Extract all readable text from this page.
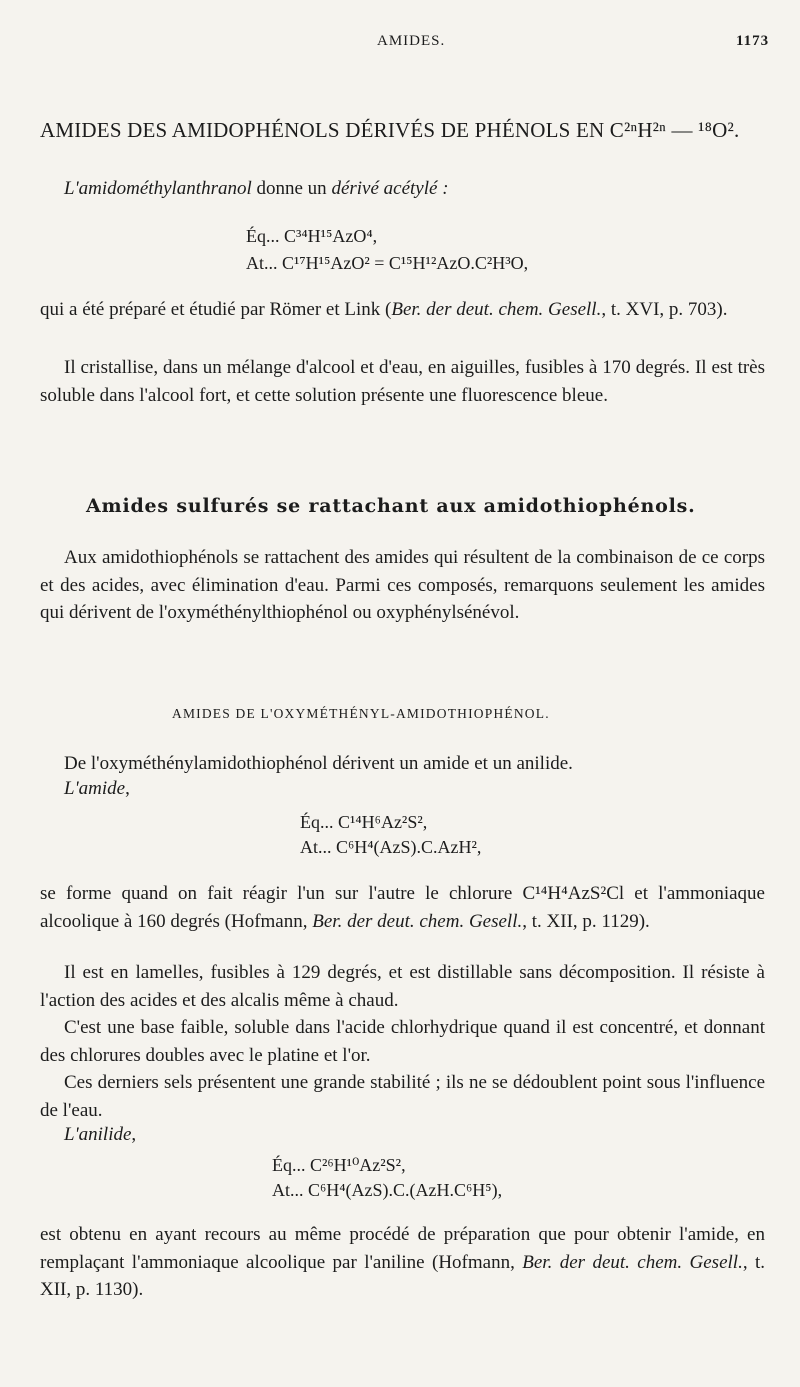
AMIDES.	1173
AMIDES DES AMIDOPHÉNOLS DÉRIVÉS DE PHÉNOLS EN C²ⁿH²ⁿ — ¹⁸O².
L'amidométhylanthranol donne un dérivé acétylé :
Éq... C³⁴H¹⁵AzO⁴,
At... C¹⁷H¹⁵AzO² = C¹⁵H¹²AzO.C²H³O,

qui a été préparé et étudié par Römer et Link (Ber. der deut. chem. Gesell., t. XVI, p. 703).

Il cristallise, dans un mélange d'alcool et d'eau, en aiguilles, fusibles à 170 degrés. Il est très soluble dans l'alcool fort, et cette solution présente une fluorescence bleue.

Amides sulfurés se rattachant aux amidothiophénols.

Aux amidothiophénols se rattachent des amides qui résultent de la combinaison de ce corps et des acides, avec élimination d'eau. Parmi ces composés, remarquons seulement les amides qui dérivent de l'oxyméthénylthiophénol ou oxyphénylsénévol.

AMIDES DE L'OXYMÉTHÉNYL-AMIDOTHIOPHÉNOL.

De l'oxyméthénylamidothiophénol dérivent un amide et un anilide.

L'amide,
Éq... C¹⁴H⁶Az²S²,
At... C⁶H⁴(AzS).C.AzH²,

se forme quand on fait réagir l'un sur l'autre le chlorure C¹⁴H⁴AzS²Cl et l'ammoniaque alcoolique à 160 degrés (Hofmann, Ber. der deut. chem. Gesell., t. XII, p. 1129).

Il est en lamelles, fusibles à 129 degrés, et est distillable sans décomposition. Il résiste à l'action des acides et des alcalis même à chaud.

C'est une base faible, soluble dans l'acide chlorhydrique quand il est concentré, et donnant des chlorures doubles avec le platine et l'or.

Ces derniers sels présentent une grande stabilité ; ils ne se dédoublent point sous l'influence de l'eau.

L'anilide,
Éq... C²⁶H¹⁰Az²S²,
At... C⁶H⁴(AzS).C.(AzH.C⁶H⁵),

est obtenu en ayant recours au même procédé de préparation que pour obtenir l'amide, en remplaçant l'ammoniaque alcoolique par l'aniline (Hofmann, Ber. der deut. chem. Gesell., t. XII, p. 1130).
